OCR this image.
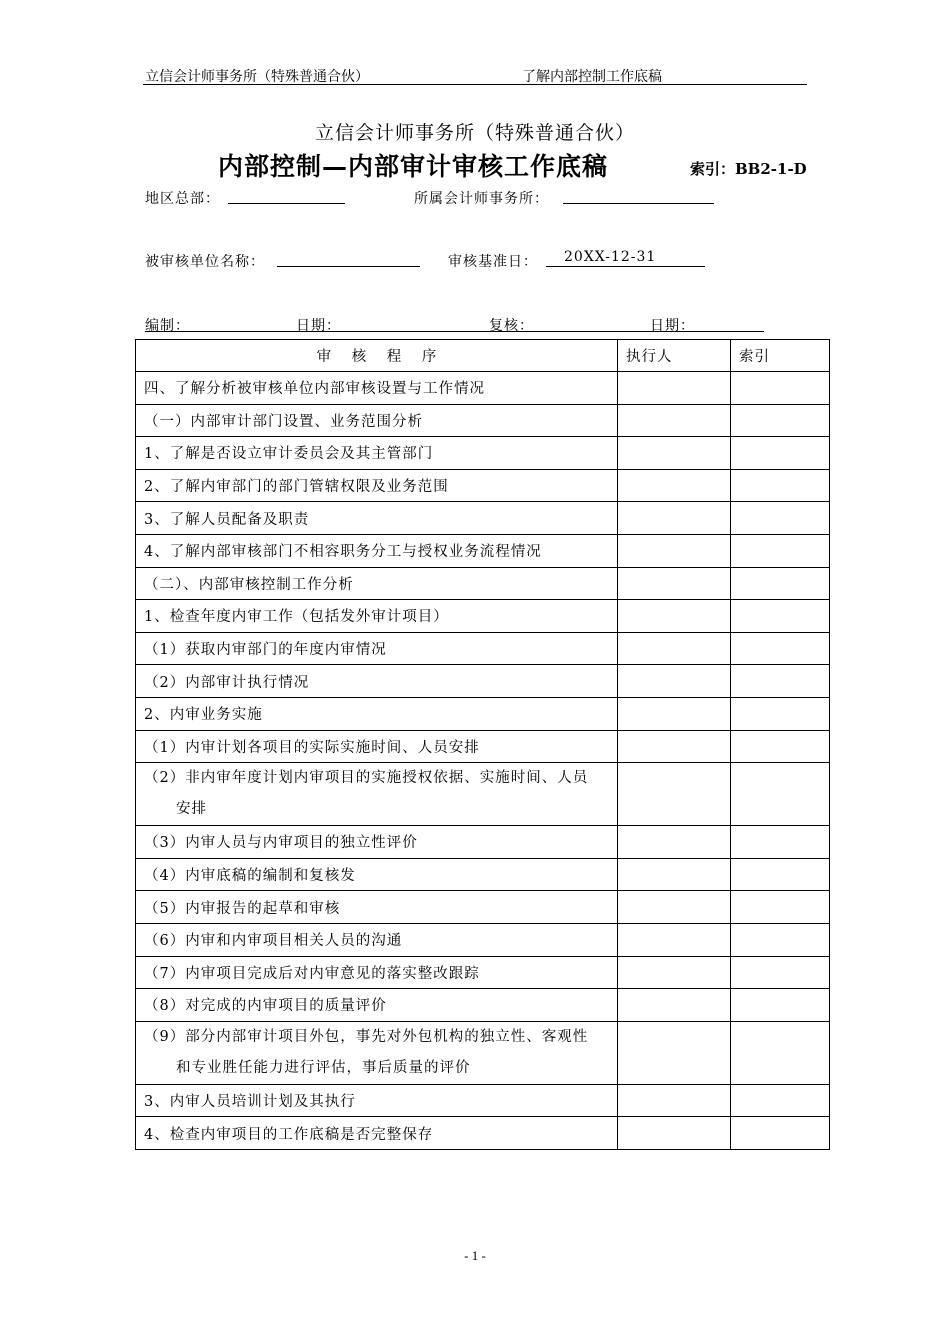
立信会计师事务所（特殊普通合伙）	了解内部控制工作底稿
立信会计师事务所（特殊普通合伙）
内部控制—内部审计审核工作底稿	索引：BB2-1-D
地区总部：	所属会计师事务所：
被审核单位名称：	审核基准日：	20XX-12-31
编制：	日期：	复核：	日期：
审 核 程 序	执行人	索引
四、了解分析被审核单位内部审核设置与工作情况		
（一）内部审计部门设置、业务范围分析		
1、了解是否设立审计委员会及其主管部门		
2、了解内审部门的部门管辖权限及业务范围		
3、了解人员配备及职责		
4、了解内部审核部门不相容职务分工与授权业务流程情况		
（二）、内部审核控制工作分析		
1、检查年度内审工作（包括发外审计项目）		
（1）获取内审部门的年度内审情况		
（2）内部审计执行情况		
2、内审业务实施		
（1）内审计划各项目的实际实施时间、人员安排		
（2）非内审年度计划内审项目的实施授权依据、实施时间、人员
安排		

（3）内审人员与内审项目的独立性评价		
（4）内审底稿的编制和复核发		
（5）内审报告的起草和审核		
（6）内审和内审项目相关人员的沟通		
（7）内审项目完成后对内审意见的落实整改跟踪		
（8）对完成的内审项目的质量评价		
（9）部分内部审计项目外包，事先对外包机构的独立性、客观性
和专业胜任能力进行评估，事后质量的评价		

3、内审人员培训计划及其执行		
4、检查内审项目的工作底稿是否完整保存		
- 1 -
